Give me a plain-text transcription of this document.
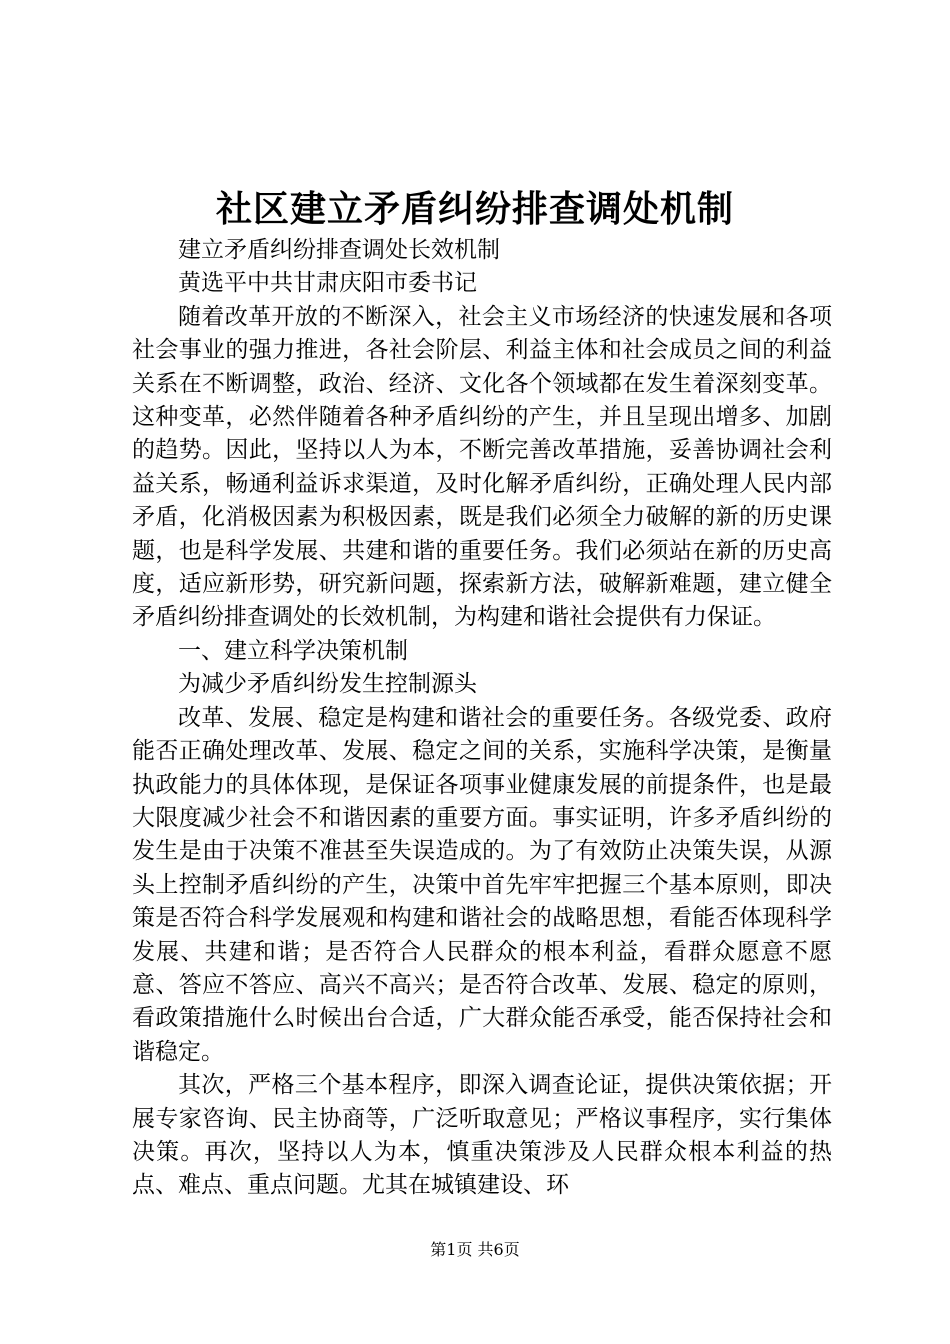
社区建立矛盾纠纷排查调处机制

建立矛盾纠纷排查调处长效机制

黄选平中共甘肃庆阳市委书记

随着改革开放的不断深入，社会主义市场经济的快速发展和各项社会事业的强力推进，各社会阶层、利益主体和社会成员之间的利益关系在不断调整，政治、经济、文化各个领域都在发生着深刻变革。这种变革，必然伴随着各种矛盾纠纷的产生，并且呈现出增多、加剧的趋势。因此，坚持以人为本，不断完善改革措施，妥善协调社会利益关系，畅通利益诉求渠道，及时化解矛盾纠纷，正确处理人民内部矛盾，化消极因素为积极因素，既是我们必须全力破解的新的历史课题，也是科学发展、共建和谐的重要任务。我们必须站在新的历史高度，适应新形势，研究新问题，探索新方法，破解新难题，建立健全矛盾纠纷排查调处的长效机制，为构建和谐社会提供有力保证。

一、建立科学决策机制

为减少矛盾纠纷发生控制源头

改革、发展、稳定是构建和谐社会的重要任务。各级党委、政府能否正确处理改革、发展、稳定之间的关系，实施科学决策，是衡量执政能力的具体体现，是保证各项事业健康发展的前提条件，也是最大限度减少社会不和谐因素的重要方面。事实证明，许多矛盾纠纷的发生是由于决策不准甚至失误造成的。为了有效防止决策失误，从源头上控制矛盾纠纷的产生，决策中首先牢牢把握三个基本原则，即决策是否符合科学发展观和构建和谐社会的战略思想，看能否体现科学发展、共建和谐；是否符合人民群众的根本利益，看群众愿意不愿意、答应不答应、高兴不高兴；是否符合改革、发展、稳定的原则，看政策措施什么时候出台合适，广大群众能否承受，能否保持社会和谐稳定。

其次，严格三个基本程序，即深入调查论证，提供决策依据；开展专家咨询、民主协商等，广泛听取意见；严格议事程序，实行集体决策。再次，坚持以人为本，慎重决策涉及人民群众根本利益的热点、难点、重点问题。尤其在城镇建设、环

第1页 共6页
